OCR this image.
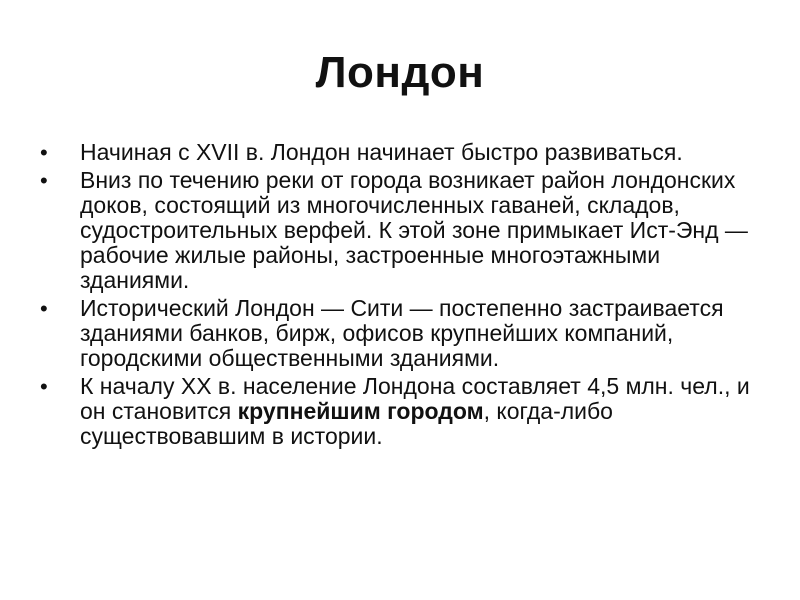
Лондон
•	Начиная с XVII в. Лондон начинает быстро развиваться.
•	Вниз по течению реки от города возникает район лондонских доков, состоящий из многочисленных гаваней, складов, судостроительных верфей. К этой зоне примыкает Ист-Энд — рабочие жилые районы, застроенные многоэтажными зданиями.
•	Исторический Лондон — Сити — постепенно застраивается зданиями банков, бирж, офисов крупнейших компаний, городскими общественными зданиями.
•	К началу XX в. население Лондона составляет 4,5 млн. чел., и он становится крупнейшим городом, когда-либо существовавшим в истории.
